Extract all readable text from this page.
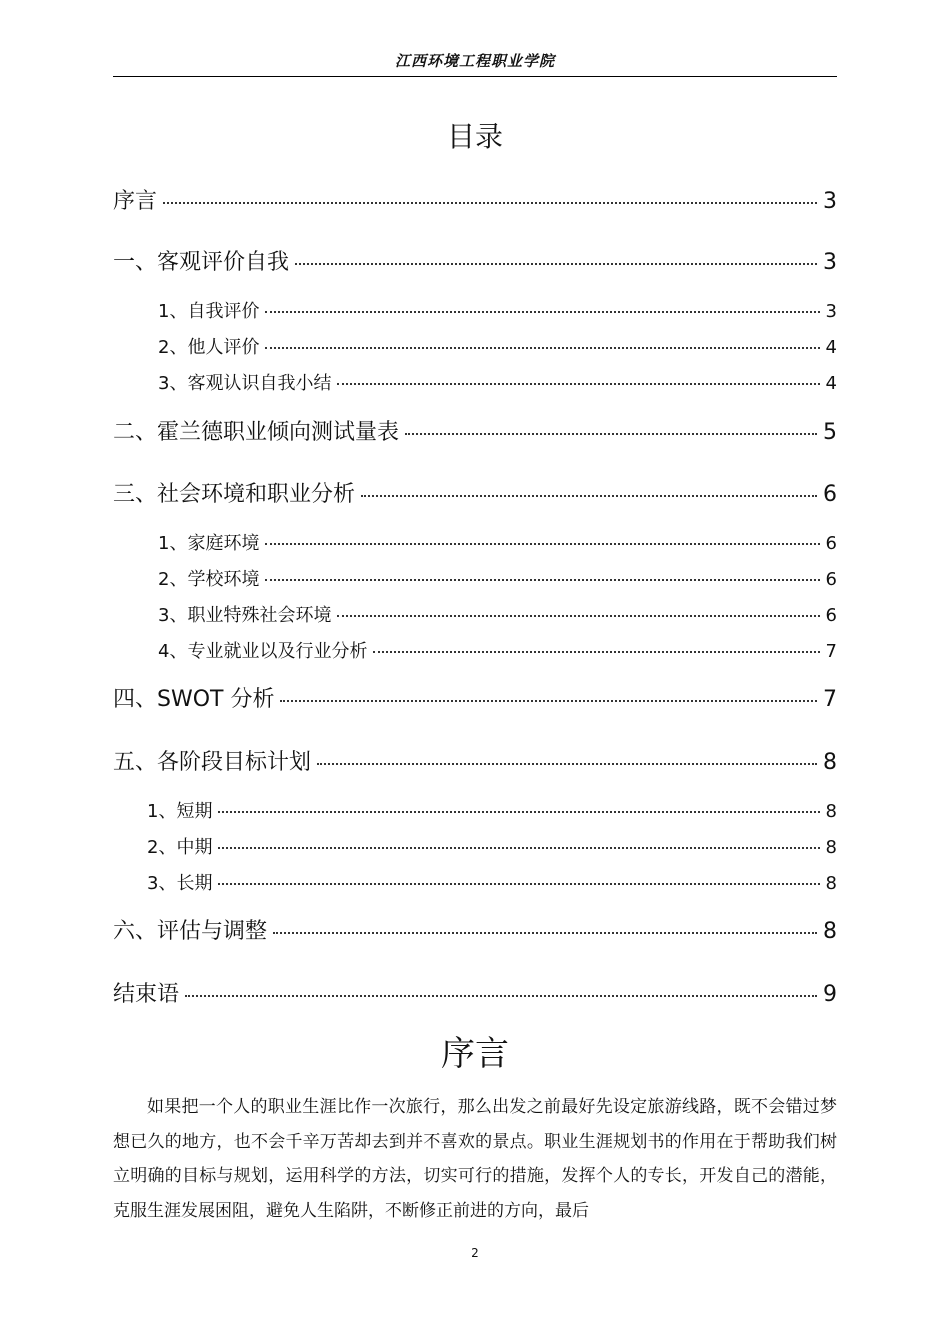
江西环境工程职业学院
目录
序言	3
一、客观评价自我	3
1、自我评价	3
2、他人评价	4
3、客观认识自我小结	4
二、霍兰德职业倾向测试量表	5
三、社会环境和职业分析	6
1、家庭环境	6
2、学校环境	6
3、职业特殊社会环境	6
4、专业就业以及行业分析	7
四、SWOT 分析	7
五、各阶段目标计划	8
1、短期	8
2、中期	8
3、长期	8
六、评估与调整	8
结束语	9
序言

如果把一个人的职业生涯比作一次旅行，那么出发之前最好先设定旅游线路，既不会错过梦想已久的地方，也不会千辛万苦却去到并不喜欢的景点。职业生涯规划书的作用在于帮助我们树立明确的目标与规划，运用科学的方法，切实可行的措施，发挥个人的专长，开发自己的潜能，克服生涯发展困阻，避免人生陷阱，不断修正前进的方向，最后

2
